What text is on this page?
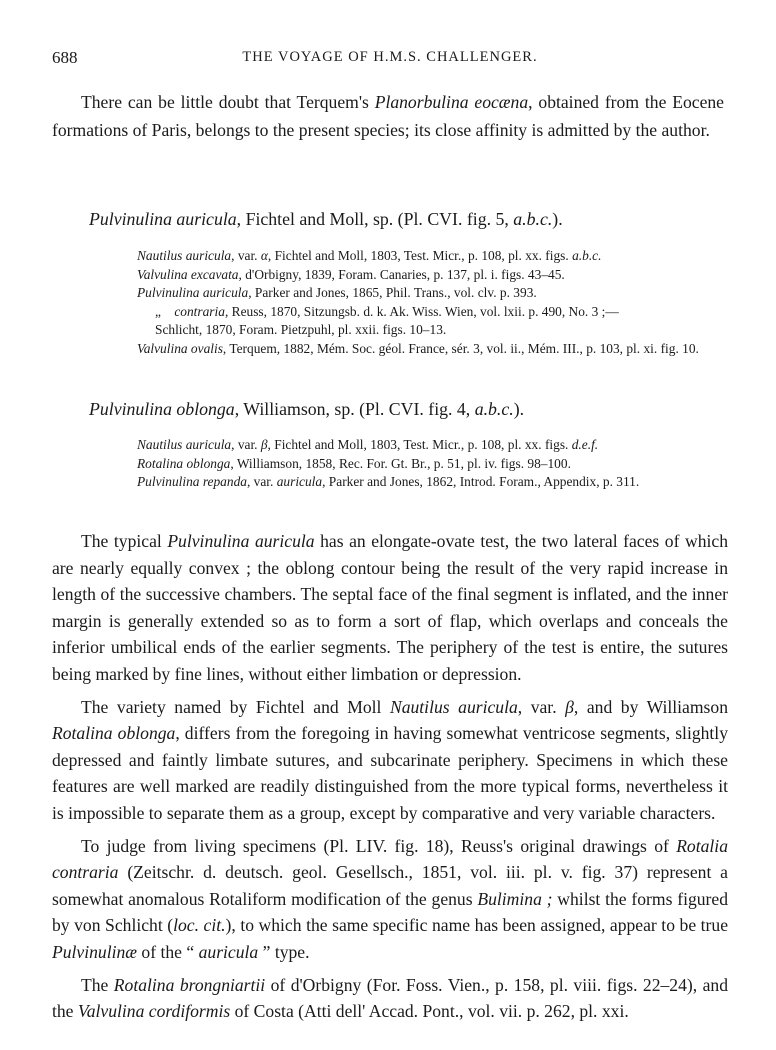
688	THE VOYAGE OF H.M.S. CHALLENGER.

There can be little doubt that Terquem's Planorbulina eocæna, obtained from the Eocene formations of Paris, belongs to the present species; its close affinity is admitted by the author.

Pulvinulina auricula, Fichtel and Moll, sp. (Pl. CVI. fig. 5, a.b.c.).

Nautilus auricula, var. α, Fichtel and Moll, 1803, Test. Micr., p. 108, pl. xx. figs. a.b.c.
Valvulina excavata, d'Orbigny, 1839, Foram. Canaries, p. 137, pl. i. figs. 43–45.
Pulvinulina auricula, Parker and Jones, 1865, Phil. Trans., vol. clv. p. 393.
„ contraria, Reuss, 1870, Sitzungsb. d. k. Ak. Wiss. Wien, vol. lxii. p. 490, No. 3 ;—
Schlicht, 1870, Foram. Pietzpuhl, pl. xxii. figs. 10–13.
Valvulina ovalis, Terquem, 1882, Mém. Soc. géol. France, sér. 3, vol. ii., Mém. III., p. 103, pl. xi. fig. 10.

Pulvinulina oblonga, Williamson, sp. (Pl. CVI. fig. 4, a.b.c.).

Nautilus auricula, var. β, Fichtel and Moll, 1803, Test. Micr., p. 108, pl. xx. figs. d.e.f.
Rotalina oblonga, Williamson, 1858, Rec. For. Gt. Br., p. 51, pl. iv. figs. 98–100.
Pulvinulina repanda, var. auricula, Parker and Jones, 1862, Introd. Foram., Appendix, p. 311.

The typical Pulvinulina auricula has an elongate-ovate test, the two lateral faces of which are nearly equally convex ; the oblong contour being the result of the very rapid increase in length of the successive chambers. The septal face of the final segment is inflated, and the inner margin is generally extended so as to form a sort of flap, which overlaps and conceals the inferior umbilical ends of the earlier segments. The periphery of the test is entire, the sutures being marked by fine lines, without either limbation or depression.

The variety named by Fichtel and Moll Nautilus auricula, var. β, and by Williamson Rotalina oblonga, differs from the foregoing in having somewhat ventricose segments, slightly depressed and faintly limbate sutures, and subcarinate periphery. Specimens in which these features are well marked are readily distinguished from the more typical forms, nevertheless it is impossible to separate them as a group, except by comparative and very variable characters.

To judge from living specimens (Pl. LIV. fig. 18), Reuss's original drawings of Rotalia contraria (Zeitschr. d. deutsch. geol. Gesellsch., 1851, vol. iii. pl. v. fig. 37) represent a somewhat anomalous Rotaliform modification of the genus Bulimina ; whilst the forms figured by von Schlicht (loc. cit.), to which the same specific name has been assigned, appear to be true Pulvinulinæ of the “ auricula ” type.

The Rotalina brongniartii of d'Orbigny (For. Foss. Vien., p. 158, pl. viii. figs. 22–24), and the Valvulina cordiformis of Costa (Atti dell' Accad. Pont., vol. vii. p. 262, pl. xxi.
